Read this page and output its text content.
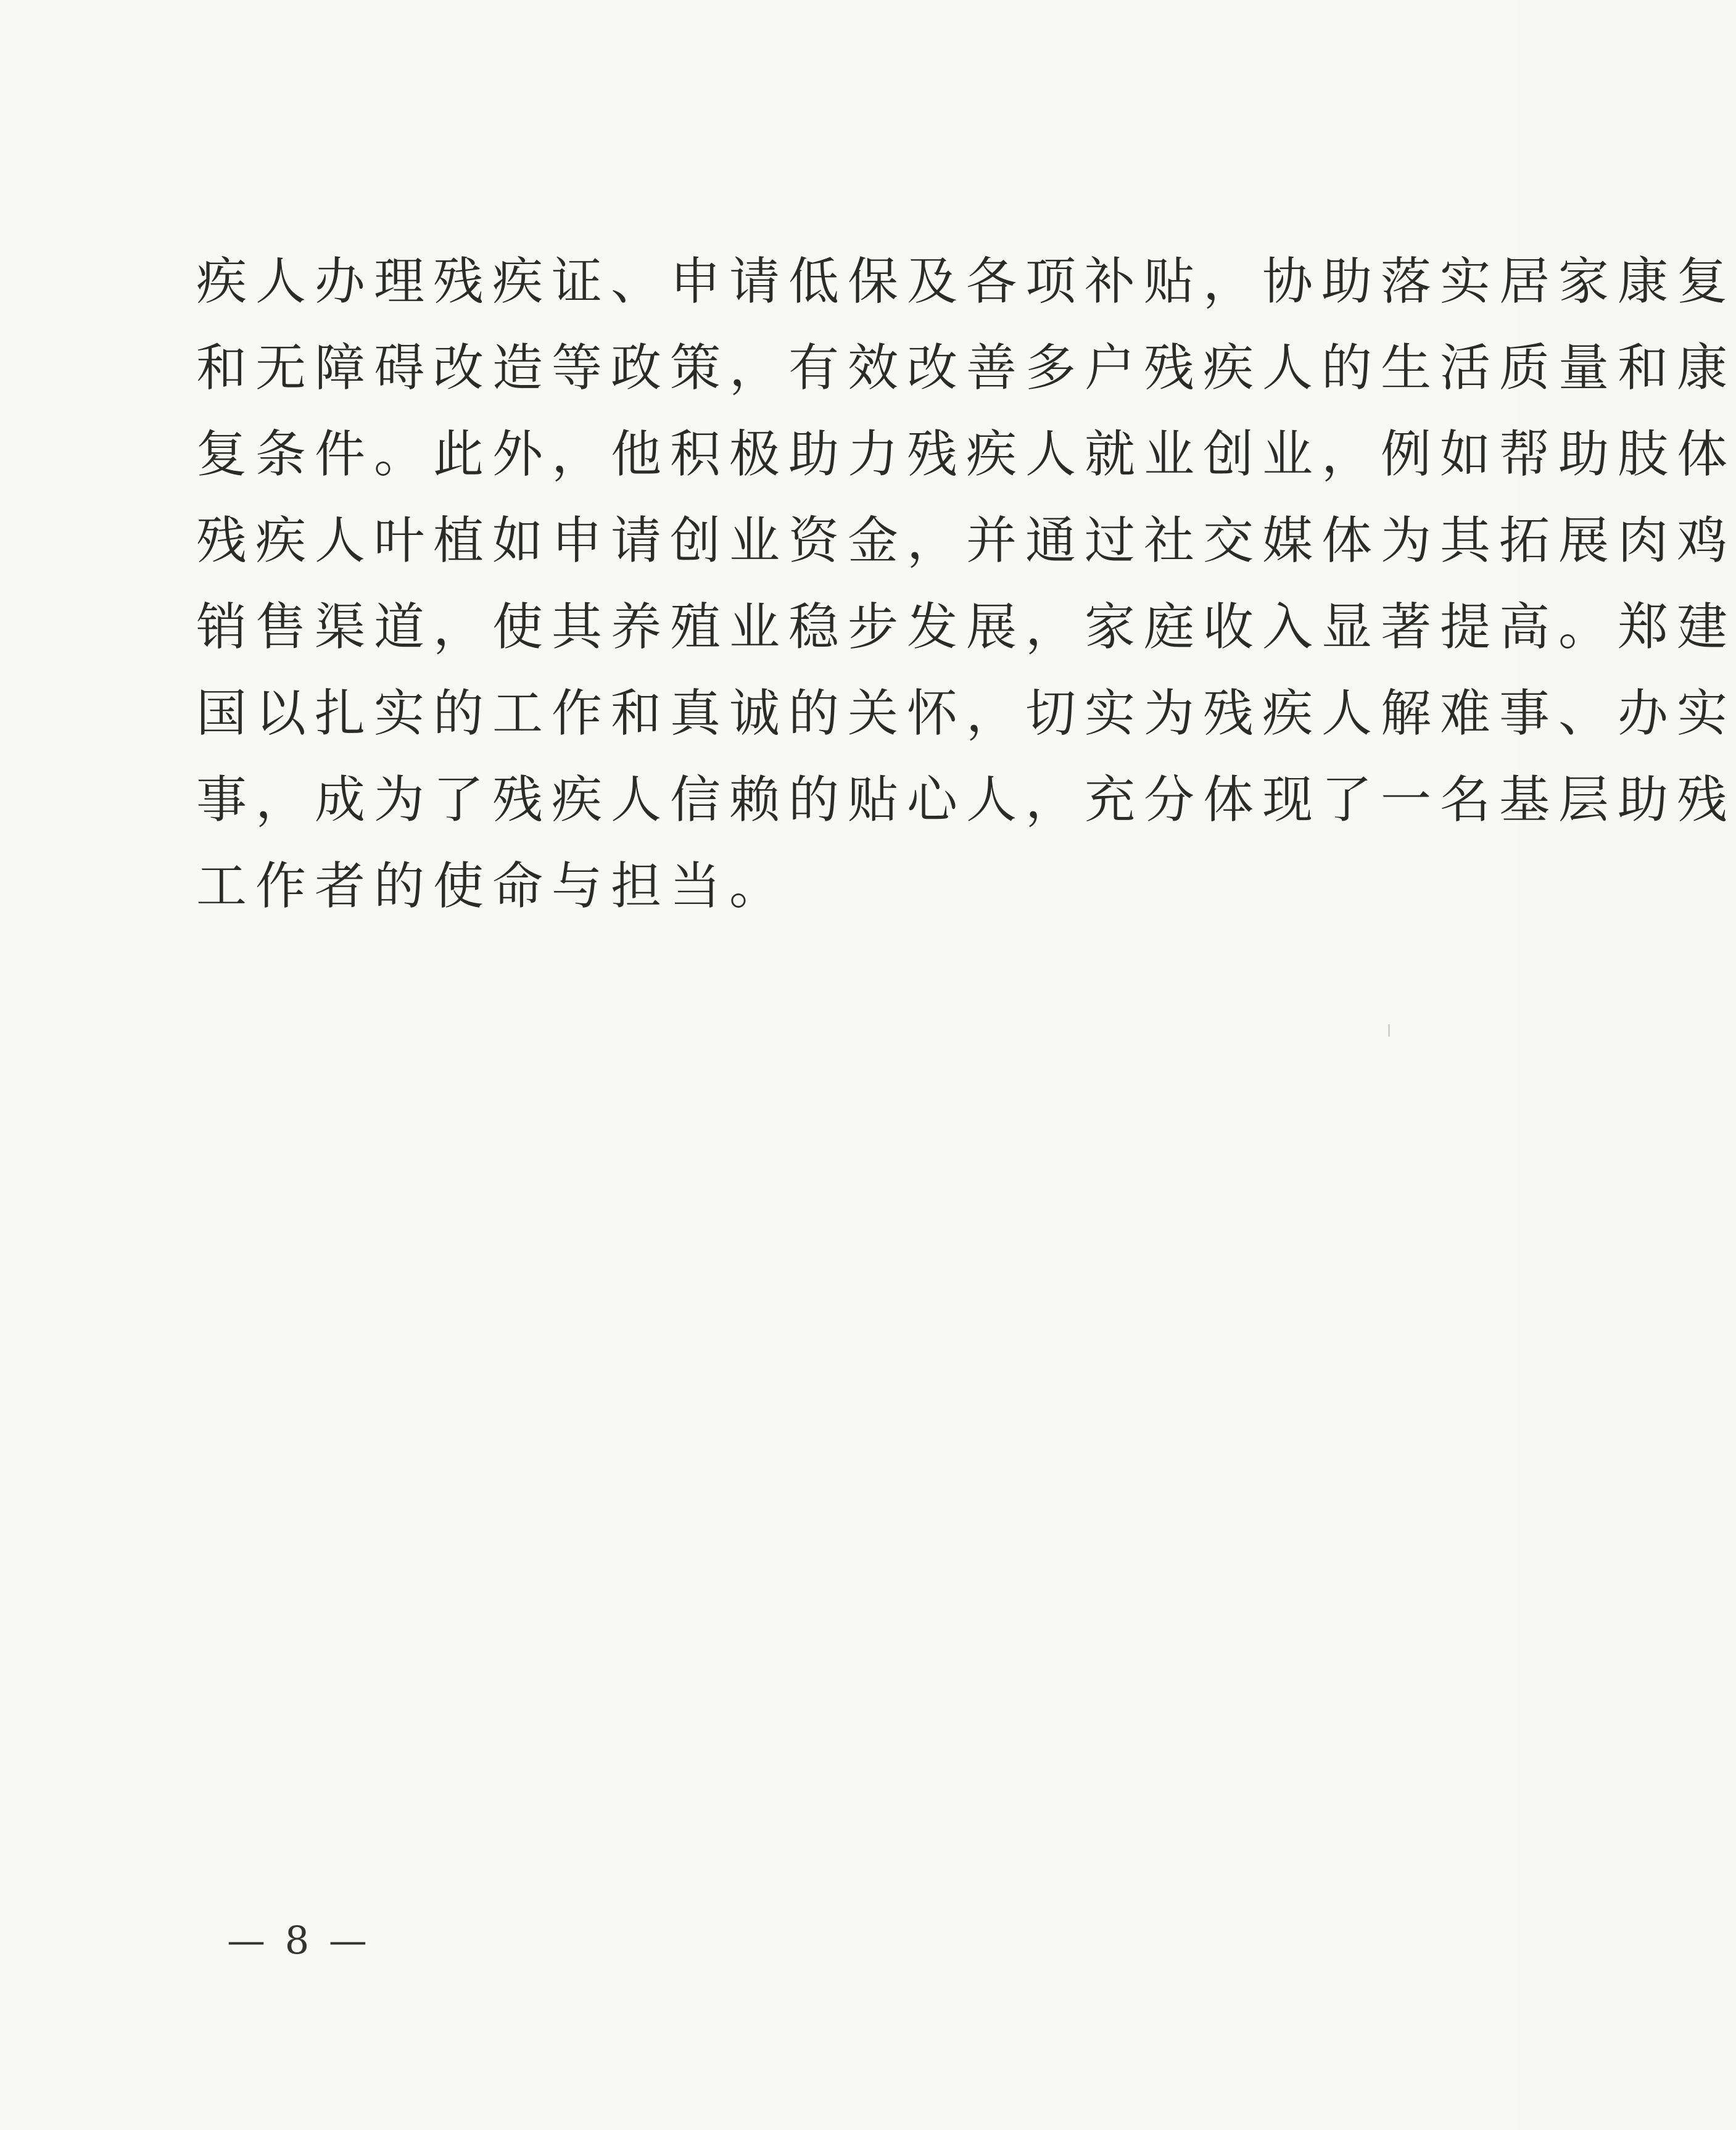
疾人办理残疾证、申请低保及各项补贴，协助落实居家康复
和无障碍改造等政策，有效改善多户残疾人的生活质量和康
复条件。此外，他积极助力残疾人就业创业，例如帮助肢体
残疾人叶植如申请创业资金，并通过社交媒体为其拓展肉鸡
销售渠道，使其养殖业稳步发展，家庭收入显著提高。郑建
国以扎实的工作和真诚的关怀，切实为残疾人解难事、办实
事，成为了残疾人信赖的贴心人，充分体现了一名基层助残
工作者的使命与担当。
— 8 —
